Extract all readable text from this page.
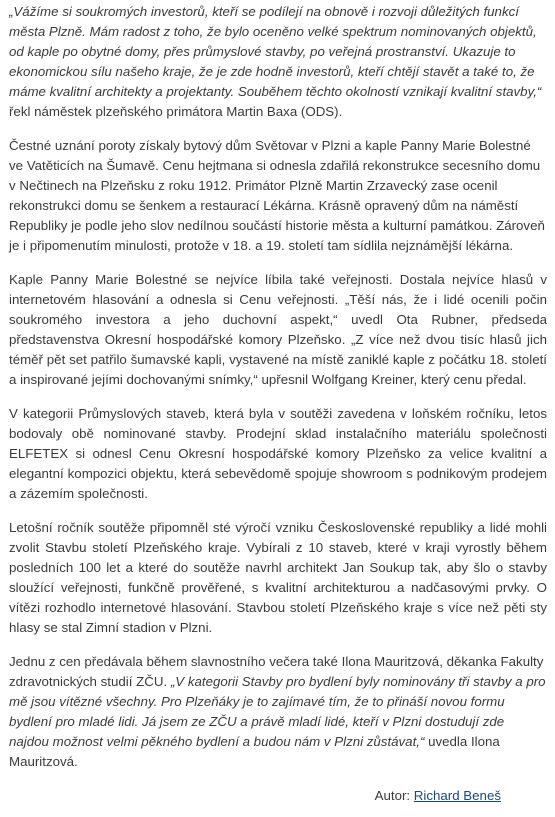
„Vážíme si soukromých investorů, kteří se podílejí na obnově i rozvoji důležitých funkcí města Plzně. Mám radost z toho, že bylo oceněno velké spektrum nominovaných objektů, od kaple po obytné domy, přes průmyslové stavby, po veřejná prostranství. Ukazuje to ekonomickou sílu našeho kraje, že je zde hodně investorů, kteří chtějí stavět a také to, že máme kvalitní architekty a projektanty. Souběhem těchto okolností vznikají kvalitní stavby,“ řekl náměstek plzeňského primátora Martin Baxa (ODS).

Čestné uznání poroty získaly bytový dům Světovar v Plzni a kaple Panny Marie Bolestné ve Vatěticích na Šumavě. Cenu hejtmana si odnesla zdařilá rekonstrukce secesního domu v Nečtinech na Plzeňsku z roku 1912. Primátor Plzně Martin Zrzavecký zase ocenil rekonstrukci domu se šenkem a restaurací Lékárna. Krásně opravený dům na náměstí Republiky je podle jeho slov nedílnou součástí historie města a kulturní památkou. Zároveň je i připomenutím minulosti, protože v 18. a 19. století tam sídlila nejznámější lékárna.

Kaple Panny Marie Bolestné se nejvíce líbila také veřejnosti. Dostala nejvíce hlasů v internetovém hlasování a odnesla si Cenu veřejnosti. „Těší nás, že i lidé ocenili počin soukromého investora a jeho duchovní aspekt,“ uvedl Ota Rubner, předseda představenstva Okresní hospodářské komory Plzeňsko. „Z více než dvou tisíc hlasů jich téměř pět set patřilo šumavské kapli, vystavené na místě zaniklé kaple z počátku 18. století a inspirované jejími dochovanými snímky,“ upřesnil Wolfgang Kreiner, který cenu předal.

V kategorii Průmyslových staveb, která byla v soutěži zavedena v loňském ročníku, letos bodovaly obě nominované stavby. Prodejní sklad instalačního materiálu společnosti ELFETEX si odnesl Cenu Okresní hospodářské komory Plzeňsko za velice kvalitní a elegantní kompozici objektu, která sebevědomě spojuje showroom s podnikovým prodejem a zázemím společnosti.

Letošní ročník soutěže připomněl sté výročí vzniku Československé republiky a lidé mohli zvolit Stavbu století Plzeňského kraje. Vybírali z 10 staveb, které v kraji vyrostly během posledních 100 let a které do soutěže navrhl architekt Jan Soukup tak, aby šlo o stavby sloužící veřejnosti, funkčně prověřené, s kvalitní architekturou a nadčasovými prvky. O vítězi rozhodlo internetové hlasování. Stavbou století Plzeňského kraje s více než pěti sty hlasy se stal Zimní stadion v Plzni.

Jednu z cen předávala během slavnostního večera také Ilona Mauritzová, děkanka Fakulty zdravotnických studií ZČU. „V kategorii Stavby pro bydlení byly nominovány tři stavby a pro mě jsou vítězné všechny. Pro Plzeňáky je to zajímavé tím, že to přináší novou formu bydlení pro mladé lidi. Já jsem ze ZČU a právě mladí lidé, kteří v Plzni dostudují zde najdou možnost velmi pěkného bydlení a budou nám v Plzni zůstávat,“ uvedla Ilona Mauritzová.

Autor: Richard Beneš
